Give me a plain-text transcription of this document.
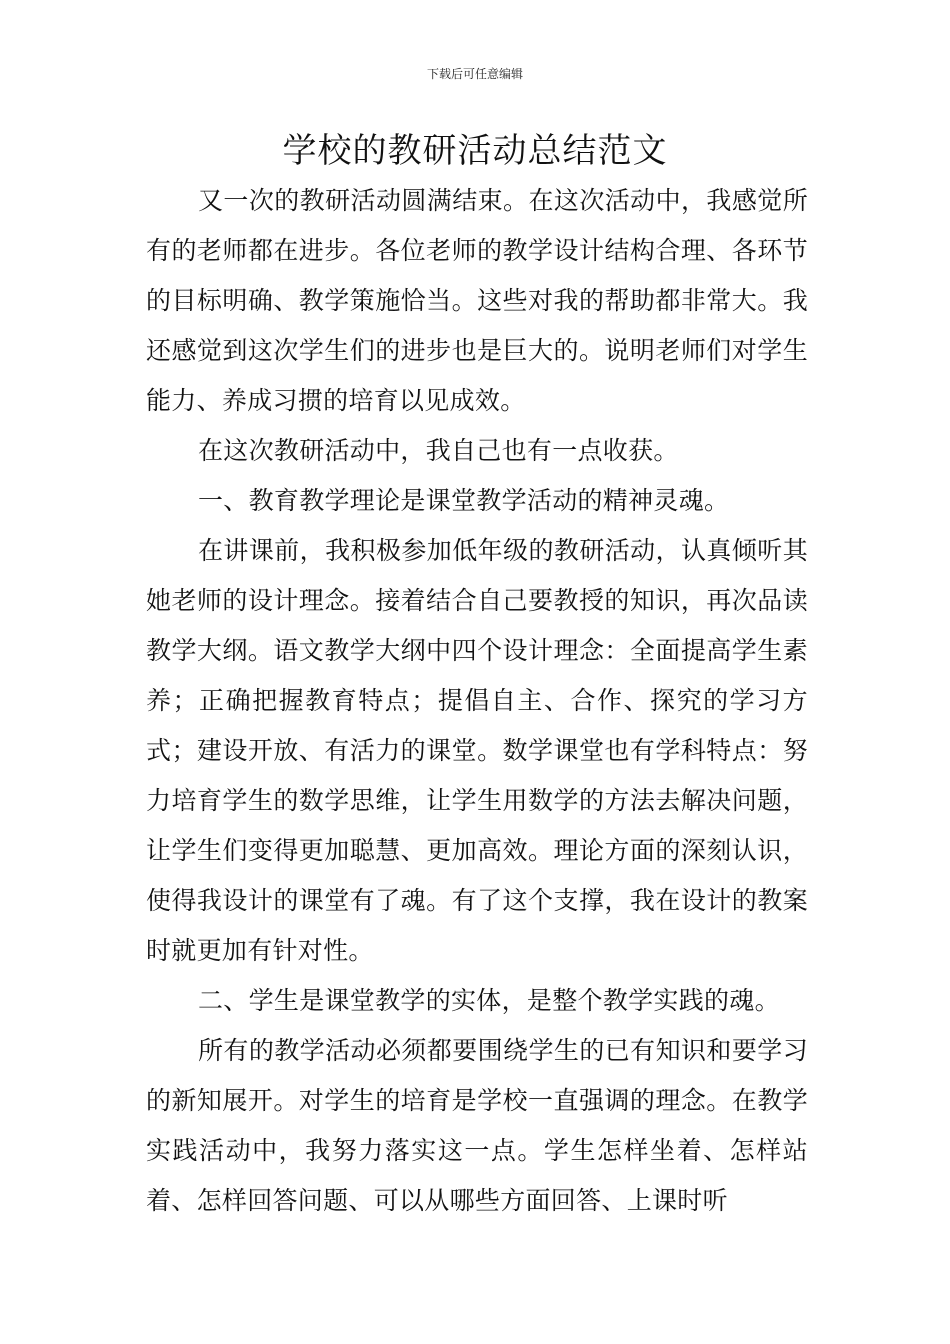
下载后可任意编辑
学校的教研活动总结范文

又一次的教研活动圆满结束。在这次活动中，我感觉所有的老师都在进步。各位老师的教学设计结构合理、各环节的目标明确、教学策施恰当。这些对我的帮助都非常大。我还感觉到这次学生们的进步也是巨大的。说明老师们对学生能力、养成习掼的培育以见成效。

在这次教研活动中，我自己也有一点收获。

一、教育教学理论是课堂教学活动的精神灵魂。

在讲课前，我积极参加低年级的教研活动，认真倾听其她老师的设计理念。接着结合自己要教授的知识，再次品读教学大纲。语文教学大纲中四个设计理念：全面提高学生素养；正确把握教育特点；提倡自主、合作、探究的学习方式；建设开放、有活力的课堂。数学课堂也有学科特点：努力培育学生的数学思维，让学生用数学的方法去解决问题，让学生们变得更加聪慧、更加高效。理论方面的深刻认识，使得我设计的课堂有了魂。有了这个支撑，我在设计的教案时就更加有针对性。

二、学生是课堂教学的实体，是整个教学实践的魂。

所有的教学活动必须都要围绕学生的已有知识和要学习的新知展开。对学生的培育是学校一直强调的理念。在教学实践活动中，我努力落实这一点。学生怎样坐着、怎样站着、怎样回答问题、可以从哪些方面回答、上课时听
